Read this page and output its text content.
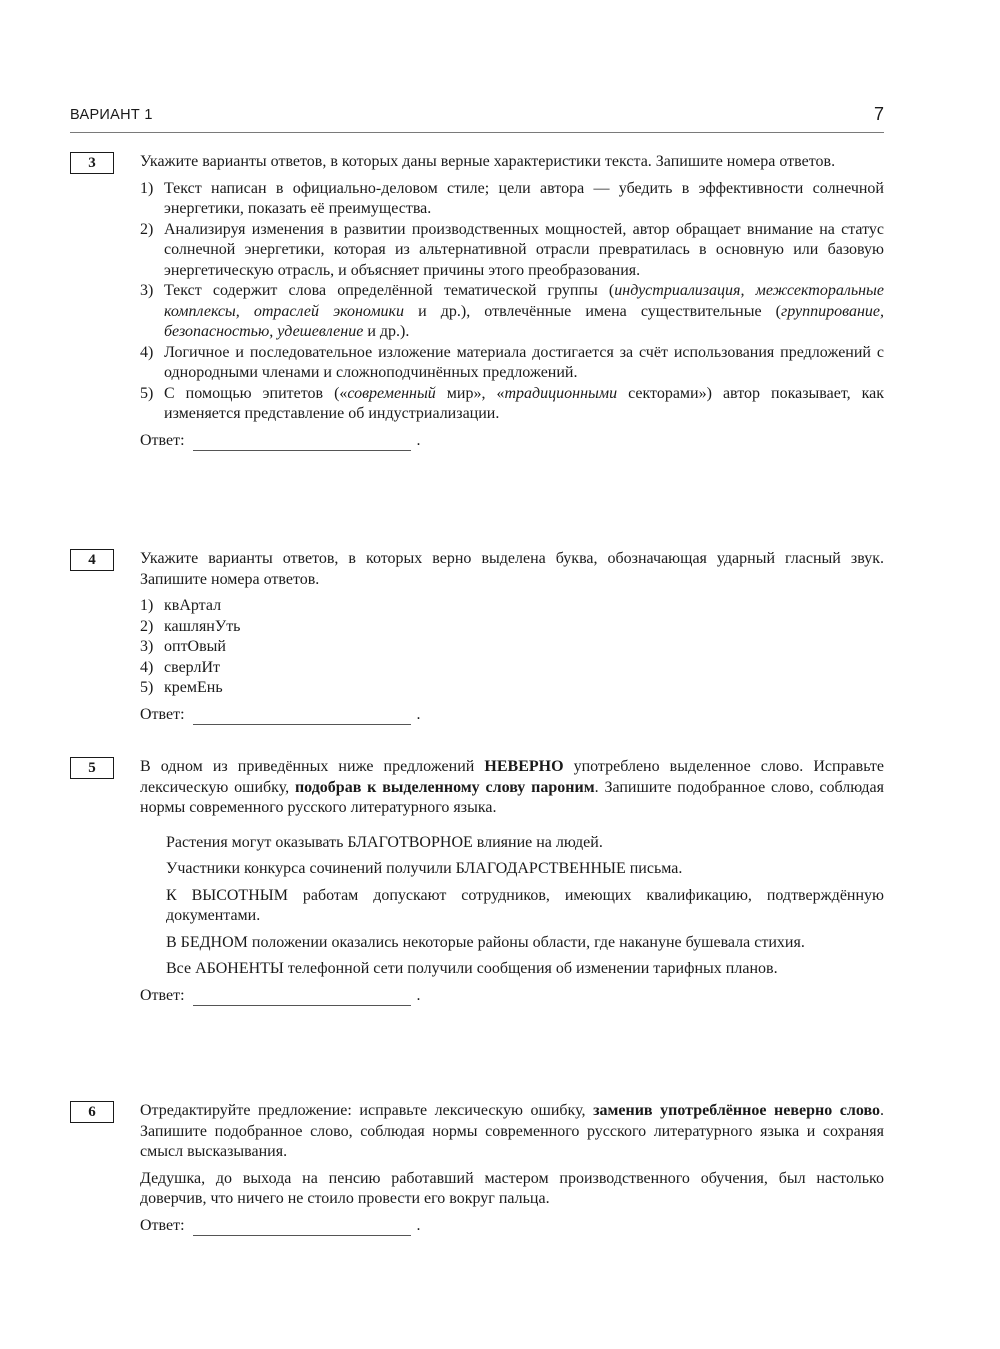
ВАРИАНТ 1	7
3	Укажите варианты ответов, в которых даны верные характеристики текста. Запишите номера ответов.

1) Текст написан в официально-деловом стиле; цели автора — убедить в эффективности солнечной энергетики, показать её преимущества.
2) Анализируя изменения в развитии производственных мощностей, автор обращает внимание на статус солнечной энергетики, которая из альтернативной отрасли превратилась в основную или базовую энергетическую отрасль, и объясняет причины этого преобразования.
3) Текст содержит слова определённой тематической группы (индустриализация, межсекторальные комплексы, отраслей экономики и др.), отвлечённые имена существительные (группирование, безопасностью, удешевление и др.).
4) Логичное и последовательное изложение материала достигается за счёт использования предложений с однородными членами и сложноподчинённых предложений.
5) С помощью эпитетов («современный мир», «традиционными секторами») автор показывает, как изменяется представление об индустриализации.
Ответ:	.
4	Укажите варианты ответов, в которых верно выделена буква, обозначающая ударный гласный звук. Запишите номера ответов.

1) квАртал
2) кашлянУть
3) оптОвый
4) сверлИт
5) кремЕнь
Ответ:	.
5	В одном из приведённых ниже предложений НЕВЕРНО употреблено выделенное слово. Исправьте лексическую ошибку, подобрав к выделенному слову пароним. Запишите подобранное слово, соблюдая нормы современного русского литературного языка.

Растения могут оказывать БЛАГОТВОРНОЕ влияние на людей.
Участники конкурса сочинений получили БЛАГОДАРСТВЕННЫЕ письма.
К ВЫСОТНЫМ работам допускают сотрудников, имеющих квалификацию, подтверждённую документами.
В БЕДНОМ положении оказались некоторые районы области, где накануне бушевала стихия.
Все АБОНЕНТЫ телефонной сети получили сообщения об изменении тарифных планов.
Ответ:	.
6	Отредактируйте предложение: исправьте лексическую ошибку, заменив употреблённое неверно слово. Запишите подобранное слово, соблюдая нормы современного русского литературного языка и сохраняя смысл высказывания.

Дедушка, до выхода на пенсию работавший мастером производственного обучения, был настолько доверчив, что ничего не стоило провести его вокруг пальца.

Ответ:	.
